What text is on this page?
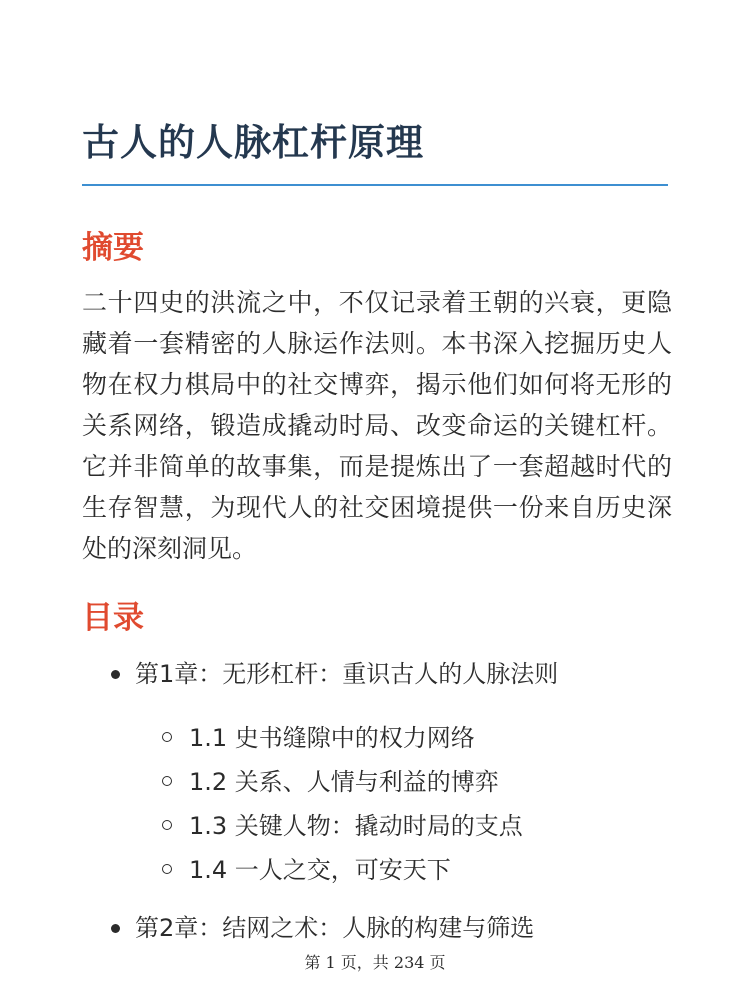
古人的人脉杠杆原理
摘要

二十四史的洪流之中，不仅记录着王朝的兴衰，更隐藏着一套精密的人脉运作法则。本书深入挖掘历史人物在权力棋局中的社交博弈，揭示他们如何将无形的关系网络，锻造成撬动时局、改变命运的关键杠杆。它并非简单的故事集，而是提炼出了一套超越时代的生存智慧，为现代人的社交困境提供一份来自历史深处的深刻洞见。

目录
第1章：无形杠杆：重识古人的人脉法则
1.1 史书缝隙中的权力网络
1.2 关系、人情与利益的博弈
1.3 关键人物：撬动时局的支点
1.4 一人之交，可安天下
第2章：结网之术：人脉的构建与筛选
第 1 页，共 234 页
